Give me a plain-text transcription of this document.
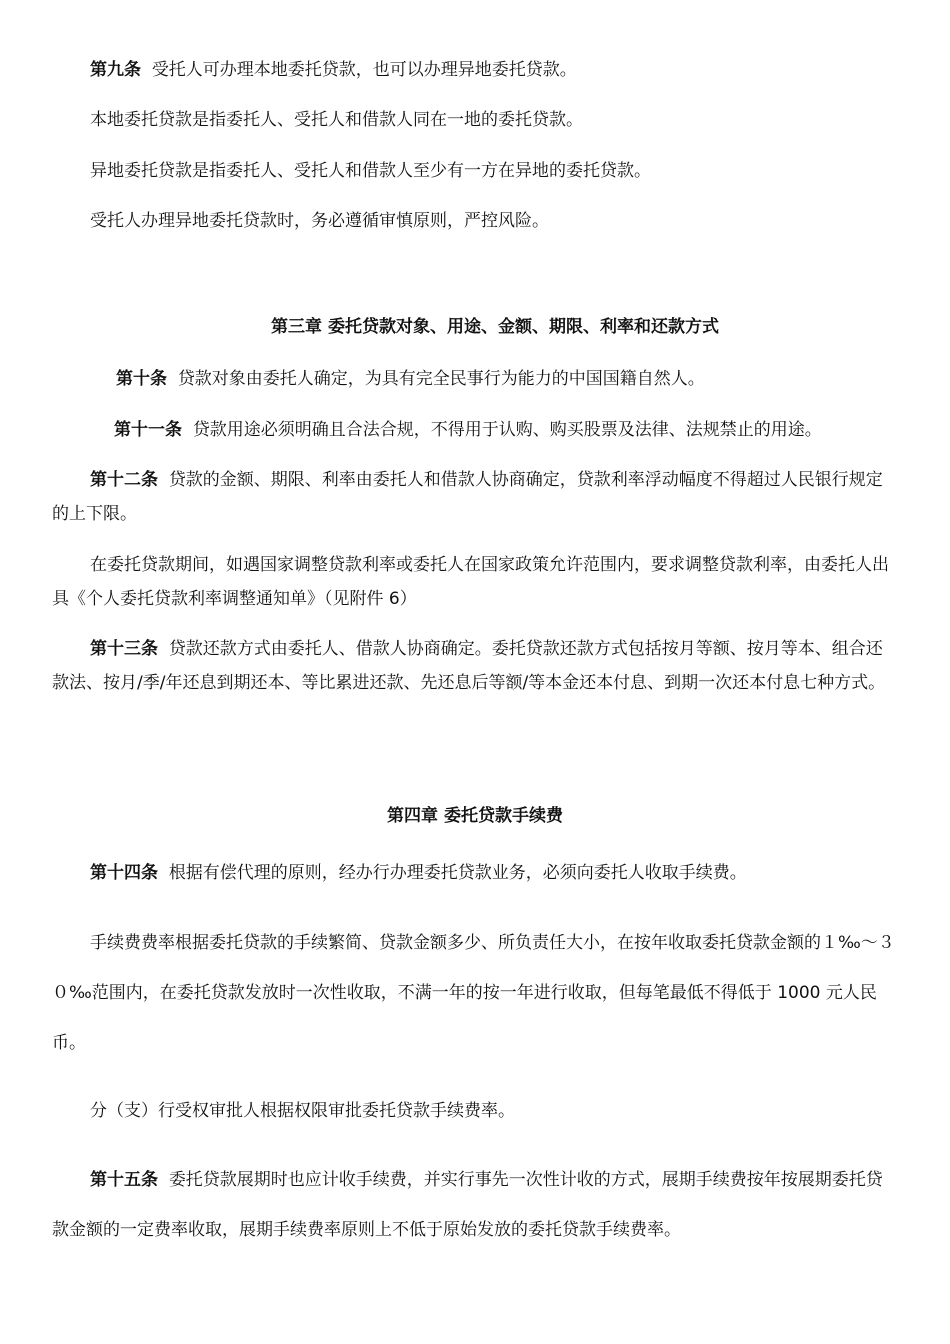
第九条 受托人可办理本地委托贷款，也可以办理异地委托贷款。

本地委托贷款是指委托人、受托人和借款人同在一地的委托贷款。

异地委托贷款是指委托人、受托人和借款人至少有一方在异地的委托贷款。

受托人办理异地委托贷款时，务必遵循审慎原则，严控风险。

第三章 委托贷款对象、用途、金额、期限、利率和还款方式

第十条 贷款对象由委托人确定，为具有完全民事行为能力的中国国籍自然人。

第十一条 贷款用途必须明确且合法合规，不得用于认购、购买股票及法律、法规禁止的用途。

第十二条 贷款的金额、期限、利率由委托人和借款人协商确定，贷款利率浮动幅度不得超过人民银行规定的上下限。

在委托贷款期间，如遇国家调整贷款利率或委托人在国家政策允许范围内，要求调整贷款利率，由委托人出具《个人委托贷款利率调整通知单》（见附件 6）

第十三条 贷款还款方式由委托人、借款人协商确定。委托贷款还款方式包括按月等额、按月等本、组合还款法、按月/季/年还息到期还本、等比累进还款、先还息后等额/等本金还本付息、到期一次还本付息七种方式。

第四章 委托贷款手续费

第十四条 根据有偿代理的原则，经办行办理委托贷款业务，必须向委托人收取手续费。

手续费费率根据委托贷款的手续繁简、贷款金额多少、所负责任大小，在按年收取委托贷款金额的１‰～３０‰范围内，在委托贷款发放时一次性收取，不满一年的按一年进行收取，但每笔最低不得低于 1000 元人民币。

分（支）行受权审批人根据权限审批委托贷款手续费率。

第十五条 委托贷款展期时也应计收手续费，并实行事先一次性计收的方式，展期手续费按年按展期委托贷款金额的一定费率收取，展期手续费率原则上不低于原始发放的委托贷款手续费率。
